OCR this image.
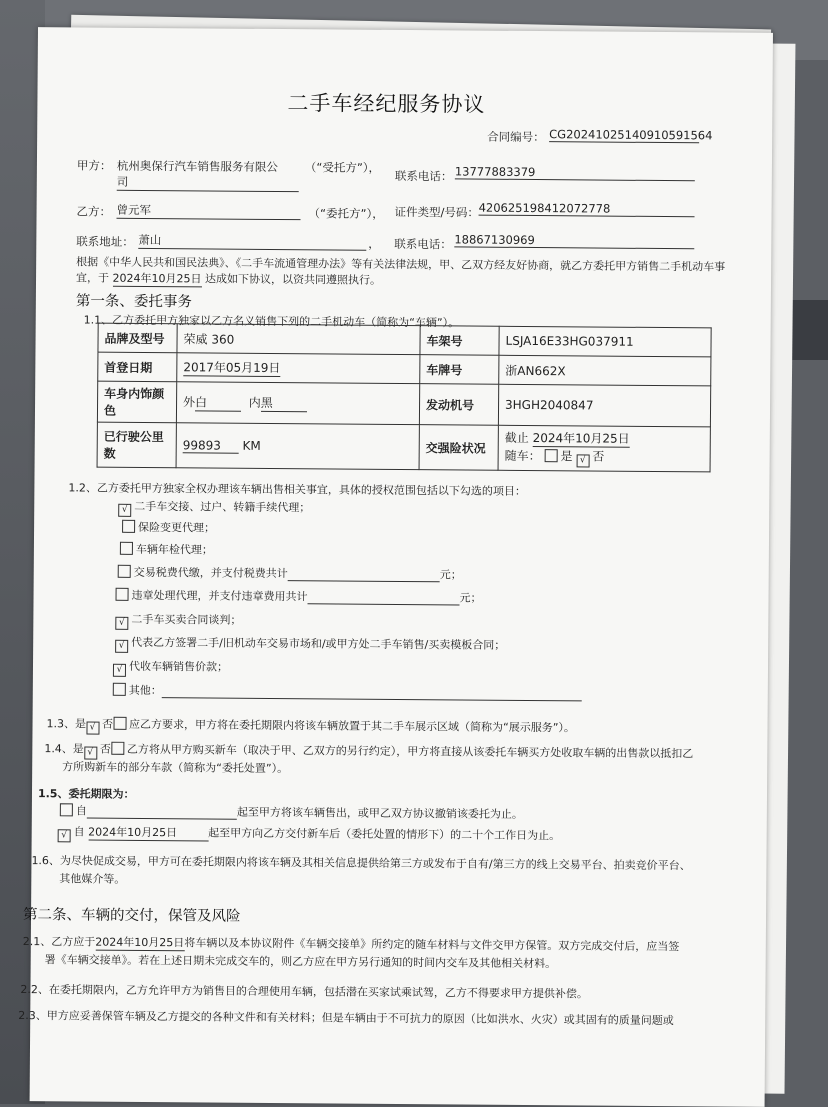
二手车经纪服务协议
合同编号： CG20241025140910591564
甲方： 杭州奥保行汽车销售服务有限公
司
（“受托方”），
联系电话： 13777883379
乙方： 曾元军	（“委托方”）， 证件类型/号码： 420625198412072778
联系地址： 萧山	， 联系电话： 18867130969
根据《中华人民共和国民法典》、《二手车流通管理办法》等有关法律法规，甲、乙双方经友好协商，就乙方委托甲方销售二手机动车事
宜，于 2024年10月25日 达成如下协议，以资共同遵照执行。
第一条、委托事务
1.1、乙方委托甲方独家以乙方名义销售下列的二手机动车（简称为“车辆”）。
品牌及型号	荣威 360	车架号	LSJA16E33HG037911
首登日期	2017年05月19日	车牌号	浙AN662X
车身内饰颜
色	外白 内黑	发动机号	3HGH2040847
已行驶公里
数	99893 KM	交强险状况	截止 2024年10月25日
随车： 是 √ 否
1.2、乙方委托甲方独家全权办理该车辆出售相关事宜，具体的授权范围包括以下勾选的项目：
√ 二手车交接、过户、转籍手续代理；
保险变更代理；
车辆年检代理；
交易税费代缴，并支付税费共计	元；
违章处理代理，并支付违章费用共计	元；
√ 二手车买卖合同谈判；
√ 代表乙方签署二手/旧机动车交易市场和/或甲方处二手车销售/买卖模板合同；
√ 代收车辆销售价款；
其他：
1.3、是 √ 否 应乙方要求，甲方将在委托期限内将该车辆放置于其二手车展示区域（简称为“展示服务”）。
1.4、是 √ 否 乙方将从甲方购买新车（取决于甲、乙双方的另行约定），甲方将直接从该委托车辆买方处收取车辆的出售款以抵扣乙
方所购新车的部分车款（简称为“委托处置”）。
1.5、委托期限为：
自	起至甲方将该车辆售出，或甲乙双方协议撤销该委托为止。
√ 自 2024年10月25日	起至甲方向乙方交付新车后（委托处置的情形下）的二十个工作日为止。
1.6、为尽快促成交易，甲方可在委托期限内将该车辆及其相关信息提供给第三方或发布于自有/第三方的线上交易平台、拍卖竞价平台、
其他媒介等。
第二条、车辆的交付，保管及风险
2.1、乙方应于2024年10月25日将车辆以及本协议附件《车辆交接单》所约定的随车材料与文件交甲方保管。双方完成交付后，应当签
署《车辆交接单》。若在上述日期未完成交车的，则乙方应在甲方另行通知的时间内交车及其他相关材料。
2.2、在委托期限内，乙方允许甲方为销售目的合理使用车辆，包括潜在买家试乘试驾，乙方不得要求甲方提供补偿。
2.3、甲方应妥善保管车辆及乙方提交的各种文件和有关材料；但是车辆由于不可抗力的原因（比如洪水、火灾）或其固有的质量问题或
